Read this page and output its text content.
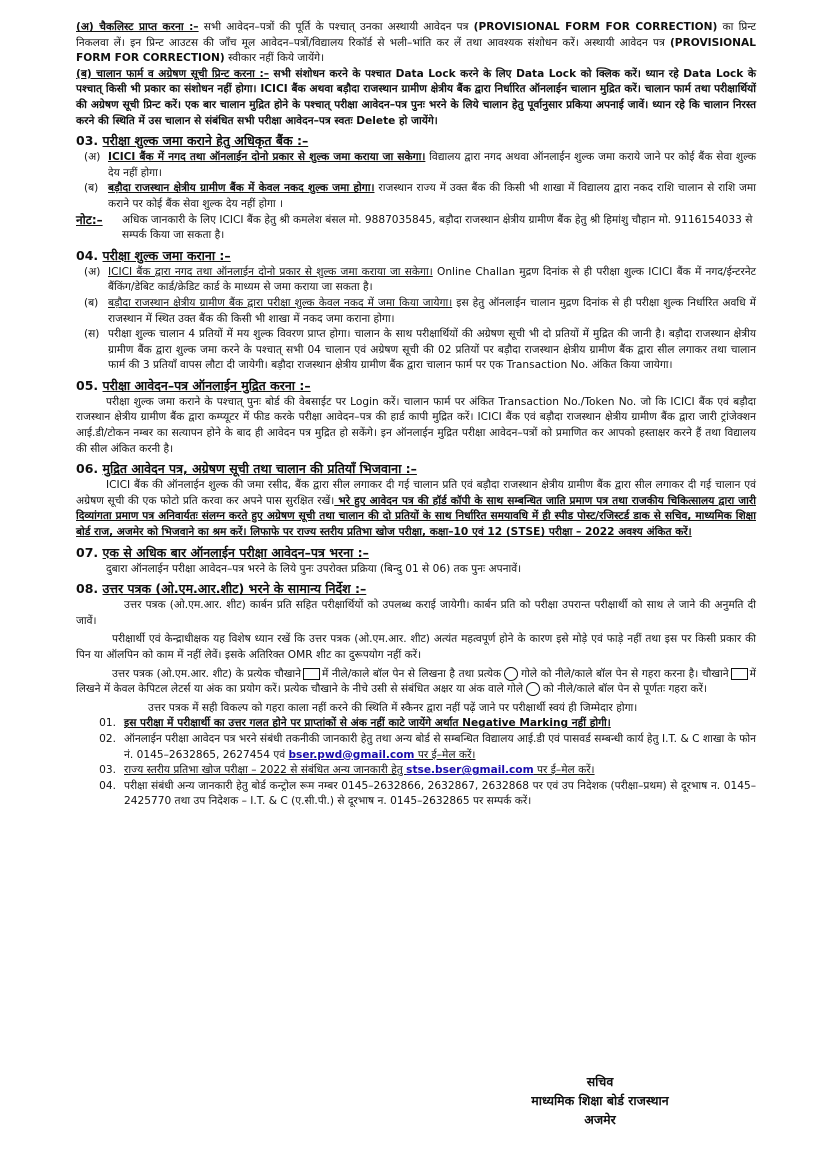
(अ) चैकलिस्ट प्राप्त करना :– सभी आवेदन–पत्रों की पूर्ति के पश्चात् उनका अस्थायी आवेदन पत्र (PROVISIONAL FORM FOR CORRECTION) का प्रिन्ट निकलवा लें। इन प्रिन्ट आउटस की जाँच मूल आवेदन–पत्रों/विद्यालय रिकॉर्ड से भली–भांति कर लें तथा आवश्यक संशोधन करें। अस्थायी आवेदन पत्र (PROVISIONAL FORM FOR CORRECTION) स्वीकार नहीं किये जायेंगे।

(ब) चालान फार्म व अग्रेषण सूची प्रिन्ट करना :– सभी संशोधन करने के पश्चात Data Lock करने के लिए Data Lock को क्लिक करें। ध्यान रहे Data Lock के पश्चात् किसी भी प्रकार का संशोधन नहीं होगा। ICICI बैंक अथवा बड़ौदा राजस्थान ग्रामीण क्षेत्रीय बैंक द्वारा निर्धारित ऑनलाईन चालान मुद्रित करें। चालान फार्म तथा परीक्षार्थियों की अग्रेषण सूची प्रिन्ट करें। एक बार चालान मुद्रित होने के पश्चात् परीक्षा आवेदन–पत्र पुनः भरने के लिये चालान हेतु पूर्वानुसार प्रकिया अपनाई जावें। ध्यान रहे कि चालान निरस्त करने की स्थिति में उस चालान से संबंधित सभी परीक्षा आवेदन–पत्र स्वतः Delete हो जायेंगे।

03. परीक्षा शुल्क जमा कराने हेतु अधिकृत बैंक :–
(अ) ICICI बैंक में नगद तथा ऑनलाईन दोनो प्रकार से शुल्क जमा कराया जा सकेगा। विद्यालय द्वारा नगद अथवा ऑनलाईन शुल्क जमा कराये जाने पर कोई बैंक सेवा शुल्क देय नहीं होगा।
(ब) बड़ौदा राजस्थान क्षेत्रीय ग्रामीण बैंक में केवल नकद शुल्क जमा होगा। राजस्थान राज्य में उक्त बैंक की किसी भी शाखा में विद्यालय द्वारा नकद राशि चालान से राशि जमा कराने पर कोई बैंक सेवा शुल्क देय नहीं होगा ।
नोट:–	अधिक जानकारी के लिए ICICI बैंक हेतु श्री कमलेश बंसल मो. 9887035845, बड़ौदा राजस्थान क्षेत्रीय ग्रामीण बैंक हेतु श्री हिमांशु चौहान मो. 9116154033 से सम्पर्क किया जा सकता है।
04. परीक्षा शुल्क जमा कराना :–
(अ) ICICI बैंक द्वारा नगद तथा ऑनलाईन दोनो प्रकार से शुल्क जमा कराया जा सकेगा। Online Challan मुद्रण दिनांक से ही परीक्षा शुल्क ICICI बैंक में नगद/ईन्टरनेट बैंकिंग/डेबिट कार्ड/क्रेडिट कार्ड के माध्यम से जमा कराया जा सकता है।
(ब) बड़ौदा राजस्थान क्षेत्रीय ग्रामीण बैंक द्वारा परीक्षा शुल्क केवल नकद में जमा किया जायेगा। इस हेतु ऑनलाईन चालान मुद्रण दिनांक से ही परीक्षा शुल्क निर्धारित अवधि में राजस्थान में स्थित उक्त बैंक की किसी भी शाखा में नकद जमा कराना होगा।
(स) परीक्षा शुल्क चालान 4 प्रतियों में मय शुल्क विवरण प्राप्त होगा। चालान के साथ परीक्षार्थियों की अग्रेषण सूची भी दो प्रतियों में मुद्रित की जानी है। बड़ौदा राजस्थान क्षेत्रीय ग्रामीण बैंक द्वारा शुल्क जमा करने के पश्चात् सभी 04 चालान एवं अग्रेषण सूची की 02 प्रतियों पर बड़ौदा राजस्थान क्षेत्रीय ग्रामीण बैंक द्वारा सील लगाकर तथा चालान फार्म की 3 प्रतियाँ वापस लौटा दी जायेगी। बड़ौदा राजस्थान क्षेत्रीय ग्रामीण बैंक द्वारा चालान फार्म पर एक Transaction No. अंकित किया जायेगा।
05. परीक्षा आवेदन–पत्र ऑनलाईन मुद्रित करना :–

परीक्षा शुल्क जमा कराने के पश्चात् पुनः बोर्ड की वेबसाईट पर Login करें। चालान फार्म पर अंकित Transaction No./Token No. जो कि ICICI बैंक एवं बड़ौदा राजस्थान क्षेत्रीय ग्रामीण बैंक द्वारा कम्प्यूटर में फीड करके परीक्षा आवेदन–पत्र की हार्ड कापी मुद्रित करें। ICICI बैंक एवं बड़ौदा राजस्थान क्षेत्रीय ग्रामीण बैंक द्वारा जारी ट्रांजेक्शन आई.डी/टोकन नम्बर का सत्यापन होने के बाद ही आवेदन पत्र मुद्रित हो सकेंगे। इन ऑनलाईन मुद्रित परीक्षा आवेदन–पत्रों को प्रमाणित कर आपको हस्ताक्षर करने हैं तथा विद्यालय की सील अंकित करनी है।

06. मुद्रित आवेदन पत्र, अग्रेषण सूची तथा चालान की प्रतियाँ भिजवाना :–

ICICI बैंक की ऑनलाईन शुल्क की जमा रसीद, बैंक द्वारा सील लगाकर दी गई चालान प्रति एवं बड़ौदा राजस्थान क्षेत्रीय ग्रामीण बैंक द्वारा सील लगाकर दी गई चालान एवं अग्रेषण सूची की एक फोटो प्रति करवा कर अपने पास सुरक्षित रखें। भरे हुए आवेदन पत्र की हॉर्ड कॉपी के साथ सम्बन्धित जाति प्रमाण पत्र तथा राजकीय चिकित्सालय द्वारा जारी दिव्यांगता प्रमाण पत्र अनिवार्यतः संलग्न करते हुए अग्रेषण सूची तथा चालान की दो प्रतियों के साथ निर्धारित समयावधि में ही स्पीड पोस्ट/रजिस्टर्ड डाक से सचिव, माध्यमिक शिक्षा बोर्ड राज, अजमेर को भिजवाने का श्रम करें। लिफाफे पर राज्य स्तरीय प्रतिभा खोज परीक्षा, कक्षा–10 एवं 12 (STSE) परीक्षा – 2022 अवश्य अंकित करें।

07. एक से अधिक बार ऑनलाईन परीक्षा आवेदन–पत्र भरना :–

दुबारा ऑनलाईन परीक्षा आवेदन–पत्र भरने के लिये पुनः उपरोक्त प्रक्रिया (बिन्दु 01 से 06) तक पुनः अपनावें।

08. उत्तर पत्रक (ओ.एम.आर.शीट) भरने के सामान्य निर्देश :–

उत्तर पत्रक (ओ.एम.आर. शीट) कार्बन प्रति सहित परीक्षार्थियों को उपलब्ध कराई जायेगी। कार्बन प्रति को परीक्षा उपरान्त परीक्षार्थी को साथ ले जाने की अनुमति दी जावें।

परीक्षार्थी एवं केन्द्राधीक्षक यह विशेष ध्यान रखें कि उत्तर पत्रक (ओ.एम.आर. शीट) अत्यंत महत्वपूर्ण होने के कारण इसे मोड़े एवं फाड़े नहीं तथा इस पर किसी प्रकार की पिन या ऑलपिन को काम में नहीं लेवें। इसके अतिरिक्त OMR शीट का दुरूपयोग नहीं करें।

उत्तर पत्रक (ओ.एम.आर. शीट) के प्रत्येक चौखाने में नीले/काले बॉल पेन से लिखना है तथा प्रत्येक गोले को नीले/काले बॉल पेन से गहरा करना है। चौखाने में लिखने में केवल केपिटल लेटर्स या अंक का प्रयोग करें। प्रत्येक चौखाने के नीचे उसी से संबंधित अक्षर या अंक वाले गोले को नीले/काले बॉल पेन से पूर्णतः गहरा करें।

उत्तर पत्रक में सही विकल्प को गहरा काला नहीं करने की स्थिति में स्कैनर द्वारा नहीं पढ़ें जाने पर परीक्षार्थी स्वयं ही जिम्मेदार होगा।

01. इस परीक्षा में परीक्षार्थी का उत्तर गलत होने पर प्राप्तांकों से अंक नहीं काटे जायेंगे अर्थात Negative Marking नहीं होगी।
02. ऑनलाईन परीक्षा आवेदन पत्र भरने संबंधी तकनीकी जानकारी हेतु तथा अन्य बोर्ड से सम्बन्धित विद्यालय आई.डी एवं पासवर्ड सम्बन्धी कार्य हेतु I.T. & C शाखा के फोन नं. 0145–2632865, 2627454 एवं bser.pwd@gmail.com पर ई–मेल करें।
03. राज्य स्तरीय प्रतिभा खोज परीक्षा – 2022 से संबंधित अन्य जानकारी हेतु stse.bser@gmail.com पर ई–मेल करें।
04. परीक्षा संबंधी अन्य जानकारी हेतु बोर्ड कन्ट्रोल रूम नम्बर 0145–2632866, 2632867, 2632868 पर एवं उप निदेशक (परीक्षा–प्रथम) से दूरभाष न. 0145–2425770 तथा उप निदेशक – I.T. & C (ए.सी.पी.) से दूरभाष न. 0145–2632865 पर सम्पर्क करें।
सचिव
माध्यमिक शिक्षा बोर्ड राजस्थान
अजमेर
